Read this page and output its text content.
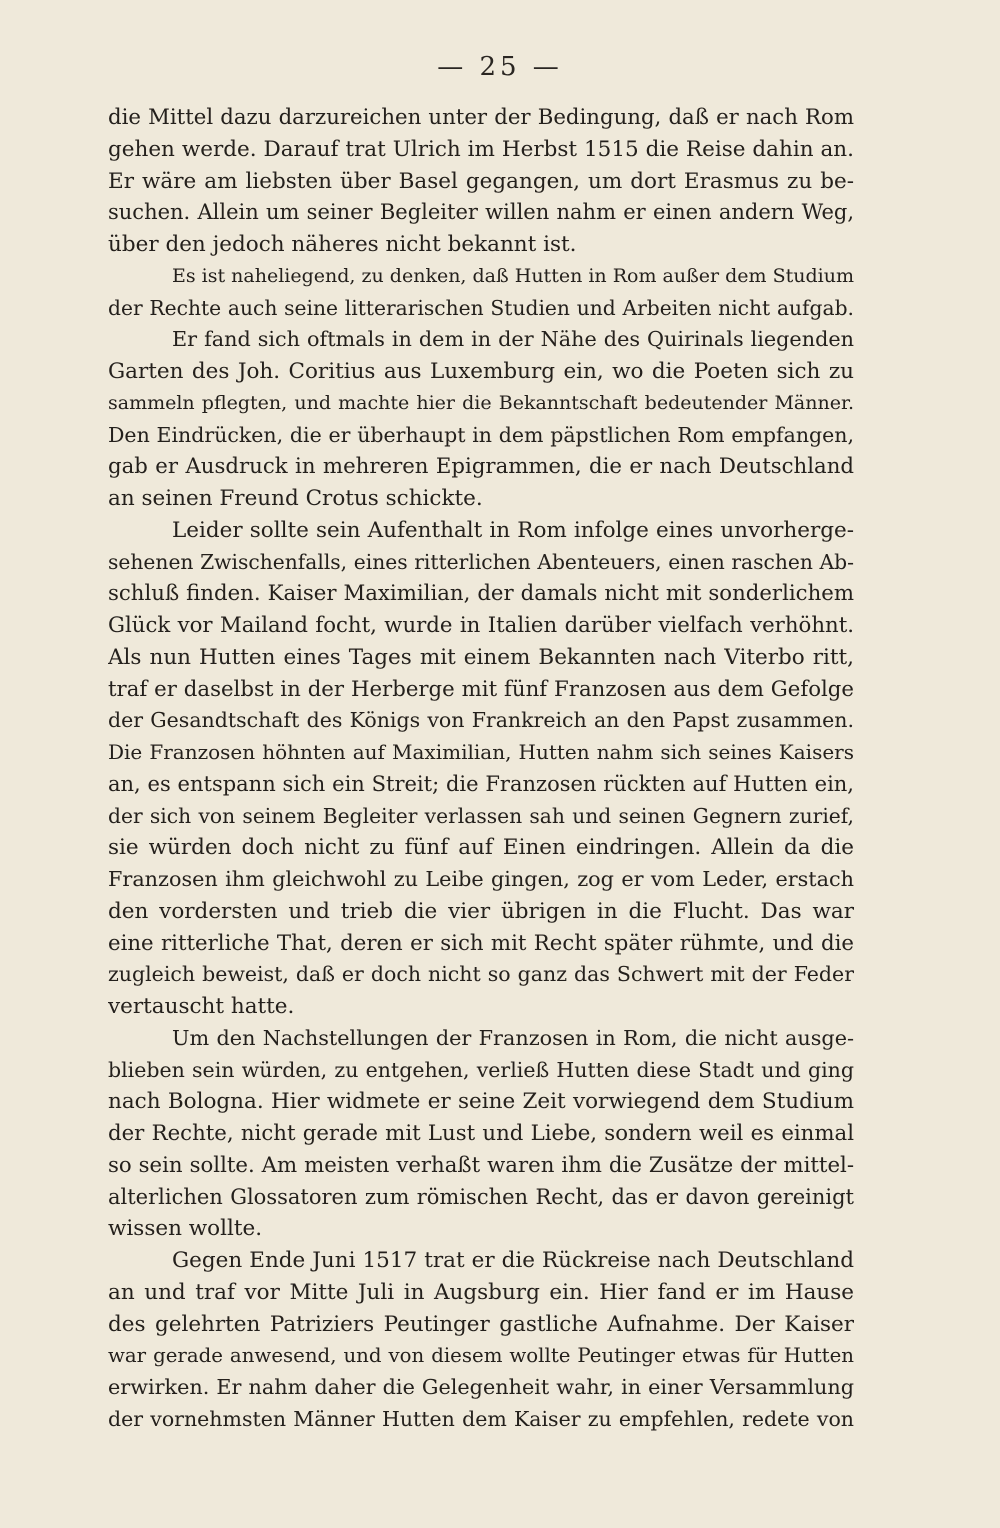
— 25 —
die Mittel dazu darzureichen unter der Bedingung, daß er nach Rom
gehen werde. Darauf trat Ulrich im Herbst 1515 die Reise dahin an.
Er wäre am liebsten über Basel gegangen, um dort Erasmus zu be-
suchen. Allein um seiner Begleiter willen nahm er einen andern Weg,
über den jedoch näheres nicht bekannt ist.
Es ist naheliegend, zu denken, daß Hutten in Rom außer dem Studium
der Rechte auch seine litterarischen Studien und Arbeiten nicht aufgab.
Er fand sich oftmals in dem in der Nähe des Quirinals liegenden
Garten des Joh. Coritius aus Luxemburg ein, wo die Poeten sich zu
sammeln pflegten, und machte hier die Bekanntschaft bedeutender Männer.
Den Eindrücken, die er überhaupt in dem päpstlichen Rom empfangen,
gab er Ausdruck in mehreren Epigrammen, die er nach Deutschland
an seinen Freund Crotus schickte.
Leider sollte sein Aufenthalt in Rom infolge eines unvorherge-
sehenen Zwischenfalls, eines ritterlichen Abenteuers, einen raschen Ab-
schluß finden. Kaiser Maximilian, der damals nicht mit sonderlichem
Glück vor Mailand focht, wurde in Italien darüber vielfach verhöhnt.
Als nun Hutten eines Tages mit einem Bekannten nach Viterbo ritt,
traf er daselbst in der Herberge mit fünf Franzosen aus dem Gefolge
der Gesandtschaft des Königs von Frankreich an den Papst zusammen.
Die Franzosen höhnten auf Maximilian, Hutten nahm sich seines Kaisers
an, es entspann sich ein Streit; die Franzosen rückten auf Hutten ein,
der sich von seinem Begleiter verlassen sah und seinen Gegnern zurief,
sie würden doch nicht zu fünf auf Einen eindringen. Allein da die
Franzosen ihm gleichwohl zu Leibe gingen, zog er vom Leder, erstach
den vordersten und trieb die vier übrigen in die Flucht. Das war
eine ritterliche That, deren er sich mit Recht später rühmte, und die
zugleich beweist, daß er doch nicht so ganz das Schwert mit der Feder
vertauscht hatte.
Um den Nachstellungen der Franzosen in Rom, die nicht ausge-
blieben sein würden, zu entgehen, verließ Hutten diese Stadt und ging
nach Bologna. Hier widmete er seine Zeit vorwiegend dem Studium
der Rechte, nicht gerade mit Lust und Liebe, sondern weil es einmal
so sein sollte. Am meisten verhaßt waren ihm die Zusätze der mittel-
alterlichen Glossatoren zum römischen Recht, das er davon gereinigt
wissen wollte.
Gegen Ende Juni 1517 trat er die Rückreise nach Deutschland
an und traf vor Mitte Juli in Augsburg ein. Hier fand er im Hause
des gelehrten Patriziers Peutinger gastliche Aufnahme. Der Kaiser
war gerade anwesend, und von diesem wollte Peutinger etwas für Hutten
erwirken. Er nahm daher die Gelegenheit wahr, in einer Versammlung
der vornehmsten Männer Hutten dem Kaiser zu empfehlen, redete von
